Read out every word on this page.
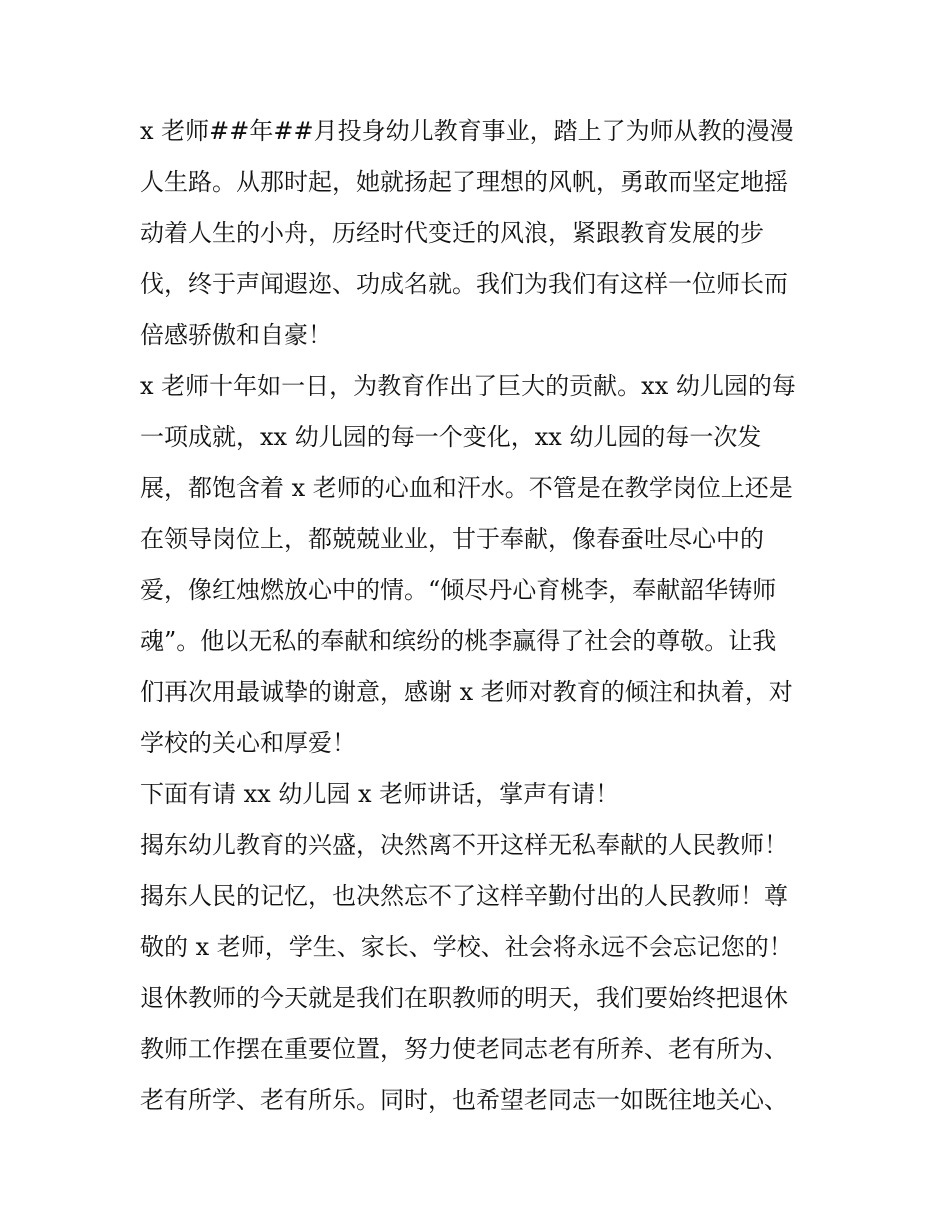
x 老师##年##月投身幼儿教育事业，踏上了为师从教的漫漫
人生路。从那时起，她就扬起了理想的风帆，勇敢而坚定地摇
动着人生的小舟，历经时代变迁的风浪，紧跟教育发展的步
伐，终于声闻遐迩、功成名就。我们为我们有这样一位师长而
倍感骄傲和自豪！
x 老师十年如一日，为教育作出了巨大的贡献。xx 幼儿园的每
一项成就，xx 幼儿园的每一个变化，xx 幼儿园的每一次发
展，都饱含着 x 老师的心血和汗水。不管是在教学岗位上还是
在领导岗位上，都兢兢业业，甘于奉献，像春蚕吐尽心中的
爱，像红烛燃放心中的情。“倾尽丹心育桃李，奉献韶华铸师
魂”。他以无私的奉献和缤纷的桃李赢得了社会的尊敬。让我
们再次用最诚挚的谢意，感谢 x 老师对教育的倾注和执着，对
学校的关心和厚爱！
下面有请 xx 幼儿园 x 老师讲话，掌声有请！
揭东幼儿教育的兴盛，决然离不开这样无私奉献的人民教师！
揭东人民的记忆，也决然忘不了这样辛勤付出的人民教师！尊
敬的 x 老师，学生、家长、学校、社会将永远不会忘记您的！
退休教师的今天就是我们在职教师的明天，我们要始终把退休
教师工作摆在重要位置，努力使老同志老有所养、老有所为、
老有所学、老有所乐。同时，也希望老同志一如既往地关心、
